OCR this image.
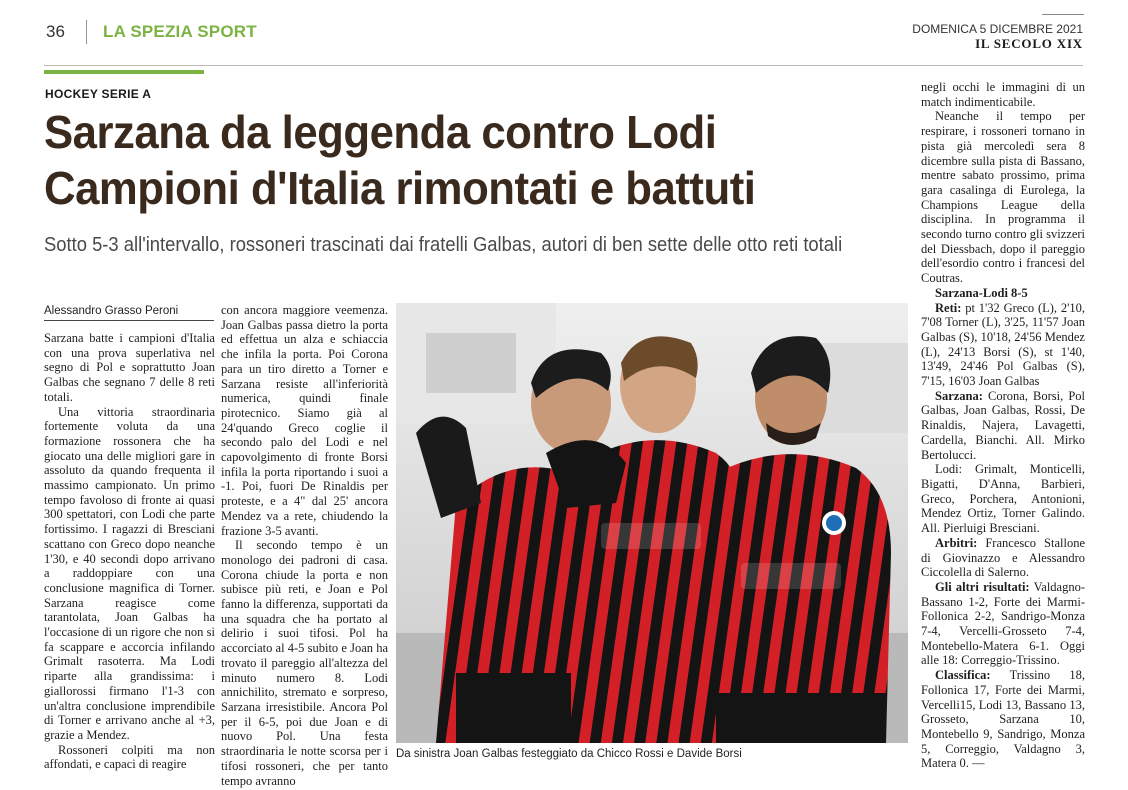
36 LA SPEZIA SPORT	DOMENICA 5 DICEMBRE 2021
IL SECOLO XIX
HOCKEY SERIE A
Sarzana da leggenda contro Lodi
Campioni d'Italia rimontati e battuti
Sotto 5-3 all'intervallo, rossoneri trascinati dai fratelli Galbas, autori di ben sette delle otto reti totali
Alessandro Grasso Peroni

Sarzana batte i campioni d'Italia con una prova superlativa nel segno di Pol e soprattutto Joan Galbas che segnano 7 delle 8 reti totali.

Una vittoria straordinaria fortemente voluta da una formazione rossonera che ha giocato una delle migliori gare in assoluto da quando frequenta il massimo campionato. Un primo tempo favoloso di fronte ai quasi 300 spettatori, con Lodi che parte fortissimo. I ragazzi di Bresciani scattano con Greco dopo neanche 1'30, e 40 secondi dopo arrivano a raddoppiare con una conclusione magnifica di Torner. Sarzana reagisce come tarantolata, Joan Galbas ha l'occasione di un rigore che non si fa scappare e accorcia infilando Grimalt rasoterra. Ma Lodi riparte alla grandissima: i giallorossi firmano l'1-3 con un'altra conclusione imprendibile di Torner e arrivano anche al +3, grazie a Mendez.

Rossoneri colpiti ma non affondati, e capaci di reagire

con ancora maggiore veemenza. Joan Galbas passa dietro la porta ed effettua un alza e schiaccia che infila la porta. Poi Corona para un tiro diretto a Torner e Sarzana resiste all'inferiorità numerica, quindi finale pirotecnico. Siamo già al 24'quando Greco coglie il secondo palo del Lodi e nel capovolgimento di fronte Borsi infila la porta riportando i suoi a -1. Poi, fuori De Rinaldis per proteste, e a 4" dal 25' ancora Mendez va a rete, chiudendo la frazione 3-5 avanti.

Il secondo tempo è un monologo dei padroni di casa. Corona chiude la porta e non subisce più reti, e Joan e Pol fanno la differenza, supportati da una squadra che ha portato al delirio i suoi tifosi. Pol ha accorciato al 4-5 subito e Joan ha trovato il pareggio all'altezza del minuto numero 8. Lodi annichilito, stremato e sorpreso, Sarzana irresistibile. Ancora Pol per il 6-5, poi due Joan e di nuovo Pol. Una festa straordinaria le notte scorsa per i tifosi rossoneri, che per tanto tempo avranno

Da sinistra Joan Galbas festeggiato da Chicco Rossi e Davide Borsi

negli occhi le immagini di un match indimenticabile.

Neanche il tempo per respirare, i rossoneri tornano in pista già mercoledì sera 8 dicembre sulla pista di Bassano, mentre sabato prossimo, prima gara casalinga di Eurolega, la Champions League della disciplina. In programma il secondo turno contro gli svizzeri del Diessbach, dopo il pareggio dell'esordio contro i francesi del Coutras.

Sarzana-Lodi 8-5

Reti: pt 1'32 Greco (L), 2'10, 7'08 Torner (L), 3'25, 11'57 Joan Galbas (S), 10'18, 24'56 Mendez (L), 24'13 Borsi (S), st 1'40, 13'49, 24'46 Pol Galbas (S), 7'15, 16'03 Joan Galbas

Sarzana: Corona, Borsi, Pol Galbas, Joan Galbas, Rossi, De Rinaldis, Najera, Lavagetti, Cardella, Bianchi. All. Mirko Bertolucci.

Lodi: Grimalt, Monticelli, Bigatti, D'Anna, Barbieri, Greco, Porchera, Antonioni, Mendez Ortiz, Torner Galindo. All. Pierluigi Bresciani.

Arbitri: Francesco Stallone di Giovinazzo e Alessandro Ciccolella di Salerno.

Gli altri risultati: Valdagno-Bassano 1-2, Forte dei Marmi-Follonica 2-2, Sandrigo-Monza 7-4, Vercelli-Grosseto 7-4, Montebello-Matera 6-1. Oggi alle 18: Correggio-Trissino.

Classifica: Trissino 18, Follonica 17, Forte dei Marmi, Vercelli15, Lodi 13, Bassano 13, Grosseto, Sarzana 10, Montebello 9, Sandrigo, Monza 5, Correggio, Valdagno 3, Matera 0. —
